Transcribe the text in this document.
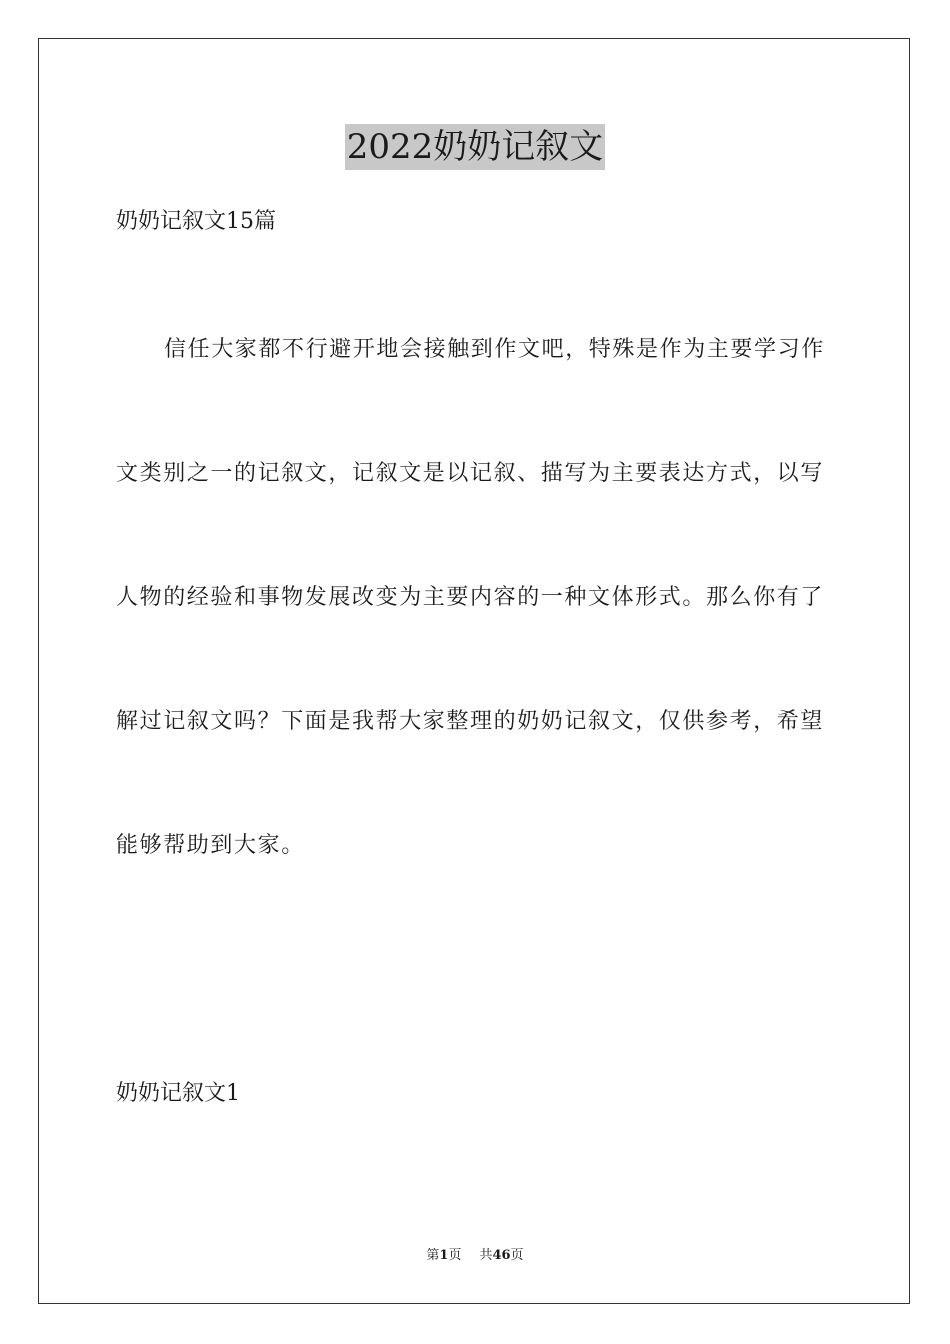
2022奶奶记叙文
奶奶记叙文15篇
信任大家都不行避开地会接触到作文吧，特殊是作为主要学习作
文类别之一的记叙文，记叙文是以记叙、描写为主要表达方式，以写
人物的经验和事物发展改变为主要内容的一种文体形式。那么你有了
解过记叙文吗？下面是我帮大家整理的奶奶记叙文，仅供参考，希望
能够帮助到大家。
奶奶记叙文1
第1页 共46页
